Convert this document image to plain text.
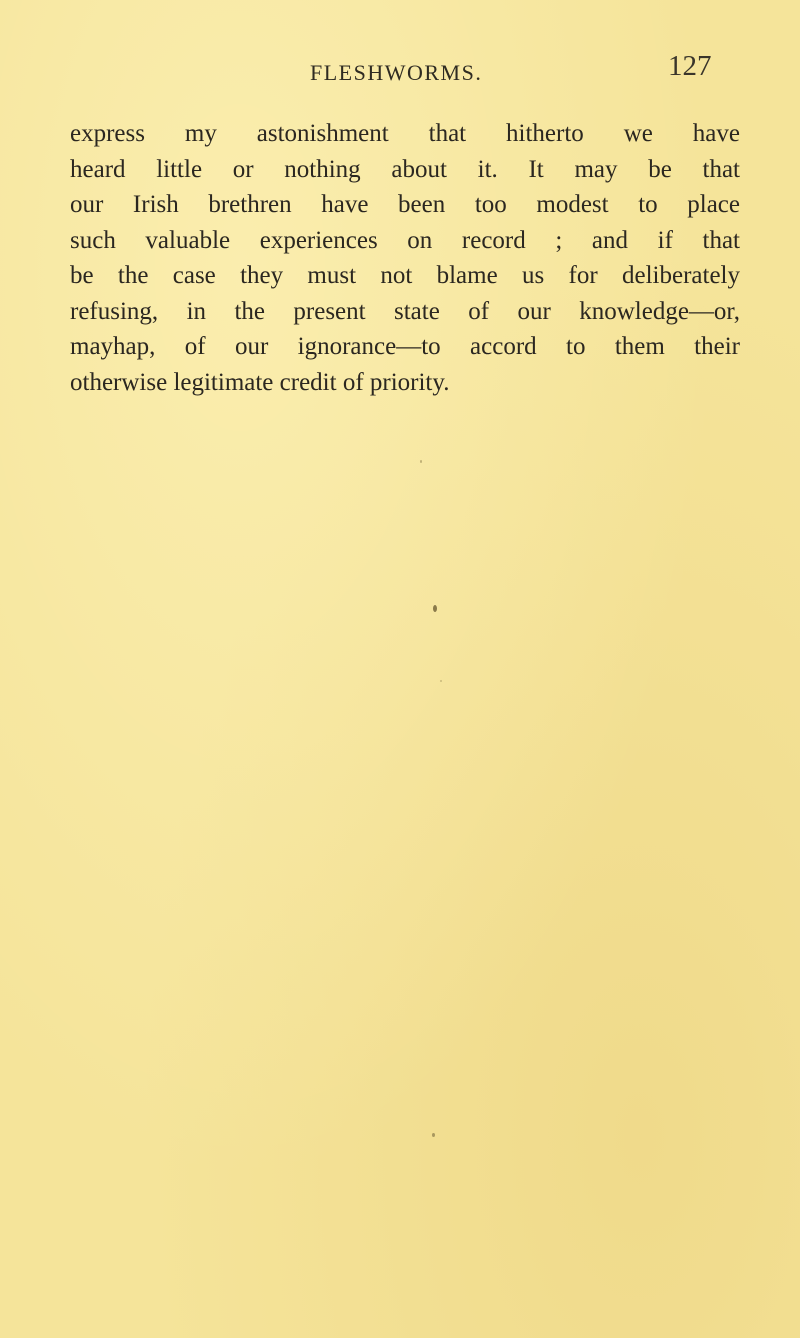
FLESHWORMS.	127
express my astonishment that hitherto we have
heard little or nothing about it. It may be that
our Irish brethren have been too modest to place
such valuable experiences on record ; and if that
be the case they must not blame us for deliberately
refusing, in the present state of our knowledge—or,
mayhap, of our ignorance—to accord to them their
otherwise legitimate credit of priority.
